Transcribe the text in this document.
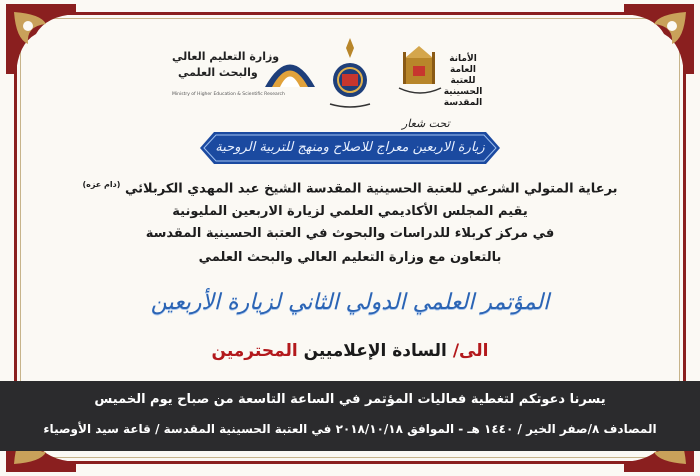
وزارة التعليم العالي
والبحث العلمي
Ministry of Higher Education & Scientific Research
الأمانة العامة للعتبة الحسينية المقدسة
تحت شعار
زيارة الاربعين معراج للاصلاح ومنهج للتربية الروحية
برعاية المتولي الشرعي للعتبة الحسينية المقدسة الشيخ عبد المهدي الكربلائي $^{(دام عزه)}$
يقيم المجلس الأكاديمي العلمي لزيارة الاربعين المليونية
في مركز كربلاء للدراسات والبحوث في العتبة الحسينية المقدسة
بالتعاون مع وزارة التعليم العالي والبحث العلمي
المؤتمر العلمي الدولي الثاني لزيارة الأربعين
الى/ السادة الإعلاميين المحترمين
يسرنا دعوتكم لتغطية فعاليات المؤتمر في الساعة التاسعة من صباح يوم الخميس
المصادف ٨/صفر الخير / ١٤٤٠ هـ - الموافق ٢٠١٨/١٠/١٨ في العتبة الحسينية المقدسة / قاعة سيد الأوصياء
